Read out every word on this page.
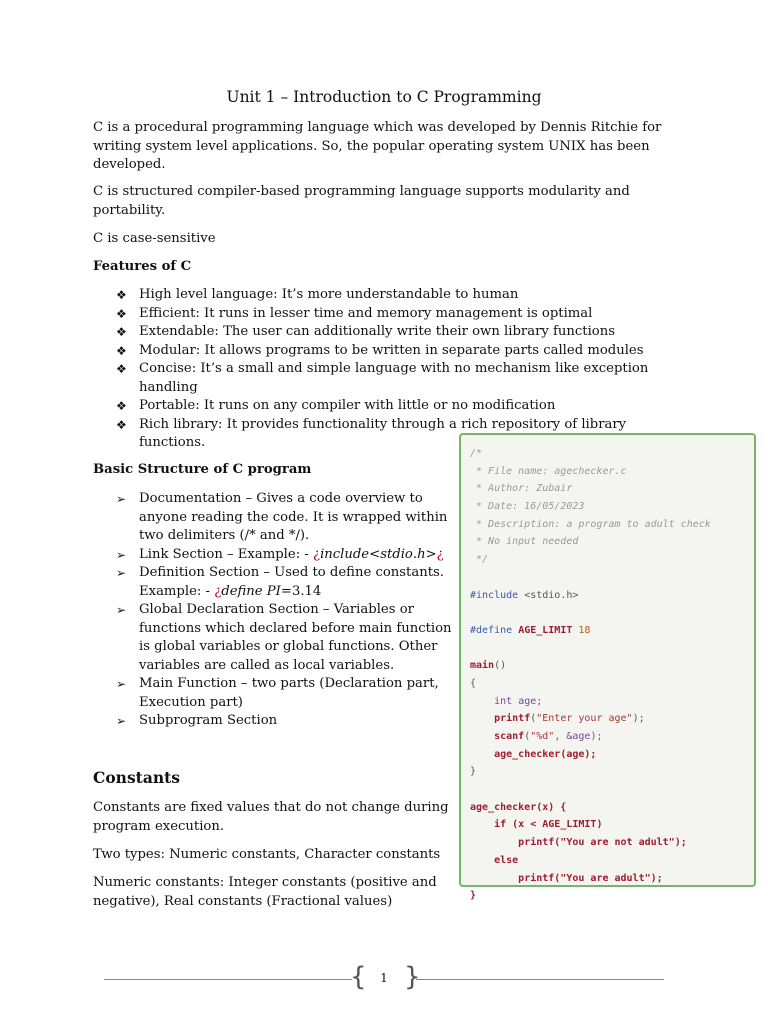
Unit 1 – Introduction to C Programming
C is a procedural programming language which was developed by Dennis Ritchie for writing system level applications. So, the popular operating system UNIX has been developed.
C is structured compiler-based programming language supports modularity and portability.
C is case-sensitive
Features of C
❖ High level language: It’s more understandable to human
❖ Efficient: It runs in lesser time and memory management is optimal
❖ Extendable: The user can additionally write their own library functions
❖ Modular: It allows programs to be written in separate parts called modules
❖ Concise: It’s a small and simple language with no mechanism like exception handling
❖ Portable: It runs on any compiler with little or no modification
❖ Rich library: It provides functionality through a rich repository of library functions.
Basic Structure of C program
➢ Documentation – Gives a code overview to anyone reading the code. It is wrapped within two delimiters (/* and */).
➢ Link Section – Example: - ¿include<stdio.h>¿
➢ Definition Section – Used to define constants.
Example: - ¿define PI=3.14
➢ Global Declaration Section – Variables or functions which declared before main function is global variables or global functions. Other variables are called as local variables.
➢ Main Function – two parts (Declaration part, Execution part)
➢ Subprogram Section
Constants
Constants are fixed values that do not change during program execution.
Two types: Numeric constants, Character constants
Numeric constants: Integer constants (positive and negative), Real constants (Fractional values)
/*
* File name: agechecker.c
* Author: Zubair
* Date: 16/05/2023
* Description: a program to adult check
* No input needed
*/
#include <stdio.h>
#define AGE_LIMIT 18
main()
{
int age;
printf("Enter your age");
scanf("%d", &age);
age_checker(age);
}
age_checker(x) {
if (x < AGE_LIMIT)
printf("You are not adult");
else
printf("You are adult");
}
{ }
1
